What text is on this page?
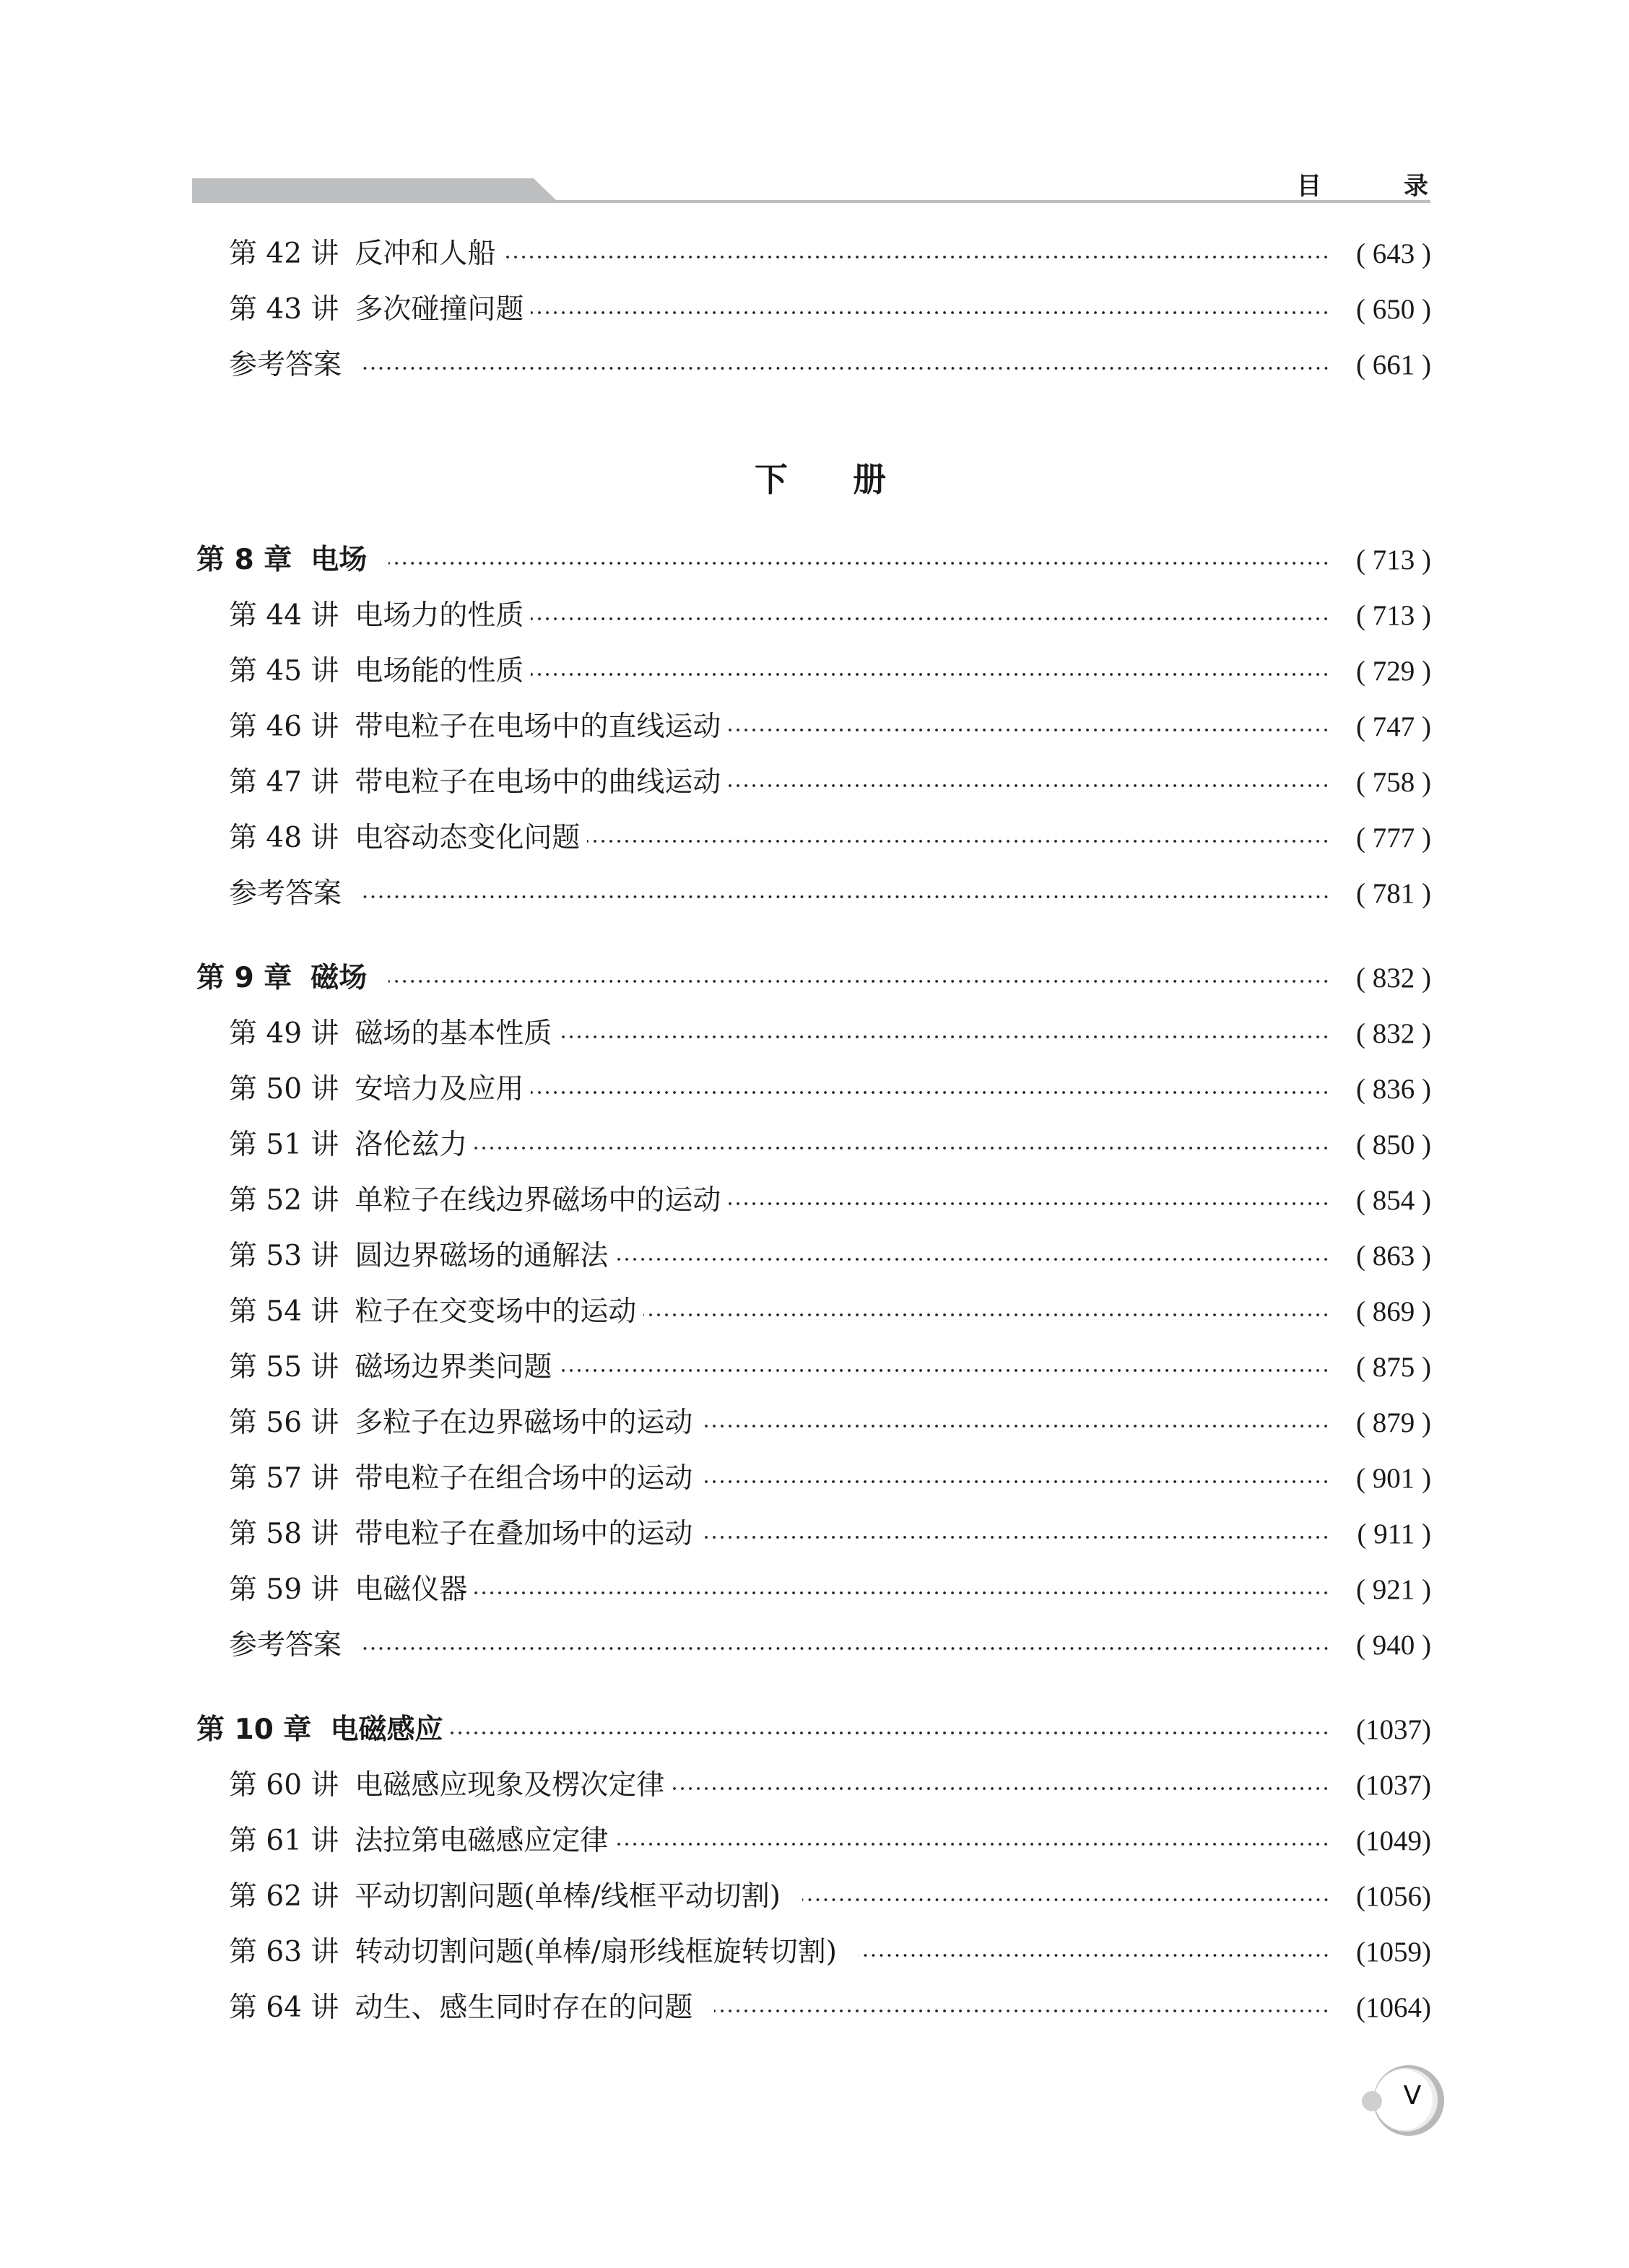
目　录
第 42 讲 反冲和人船	( 643 )
第 43 讲 多次碰撞问题	( 650 )
参考答案	( 661 )
下册
第 8 章 电场	( 713 )
第 44 讲 电场力的性质	( 713 )
第 45 讲 电场能的性质	( 729 )
第 46 讲 带电粒子在电场中的直线运动	( 747 )
第 47 讲 带电粒子在电场中的曲线运动	( 758 )
第 48 讲 电容动态变化问题	( 777 )
参考答案	( 781 )
第 9 章 磁场	( 832 )
第 49 讲 磁场的基本性质	( 832 )
第 50 讲 安培力及应用	( 836 )
第 51 讲 洛伦兹力	( 850 )
第 52 讲 单粒子在线边界磁场中的运动	( 854 )
第 53 讲 圆边界磁场的通解法	( 863 )
第 54 讲 粒子在交变场中的运动	( 869 )
第 55 讲 磁场边界类问题	( 875 )
第 56 讲 多粒子在边界磁场中的运动	( 879 )
第 57 讲 带电粒子在组合场中的运动	( 901 )
第 58 讲 带电粒子在叠加场中的运动	( 911 )
第 59 讲 电磁仪器	( 921 )
参考答案	( 940 )
第 10 章 电磁感应	(1037)
第 60 讲 电磁感应现象及楞次定律	(1037)
第 61 讲 法拉第电磁感应定律	(1049)
第 62 讲 平动切割问题(单棒/线框平动切割)	(1056)
第 63 讲 转动切割问题(单棒/扇形线框旋转切割)	(1059)
第 64 讲 动生、感生同时存在的问题	(1064)
V
